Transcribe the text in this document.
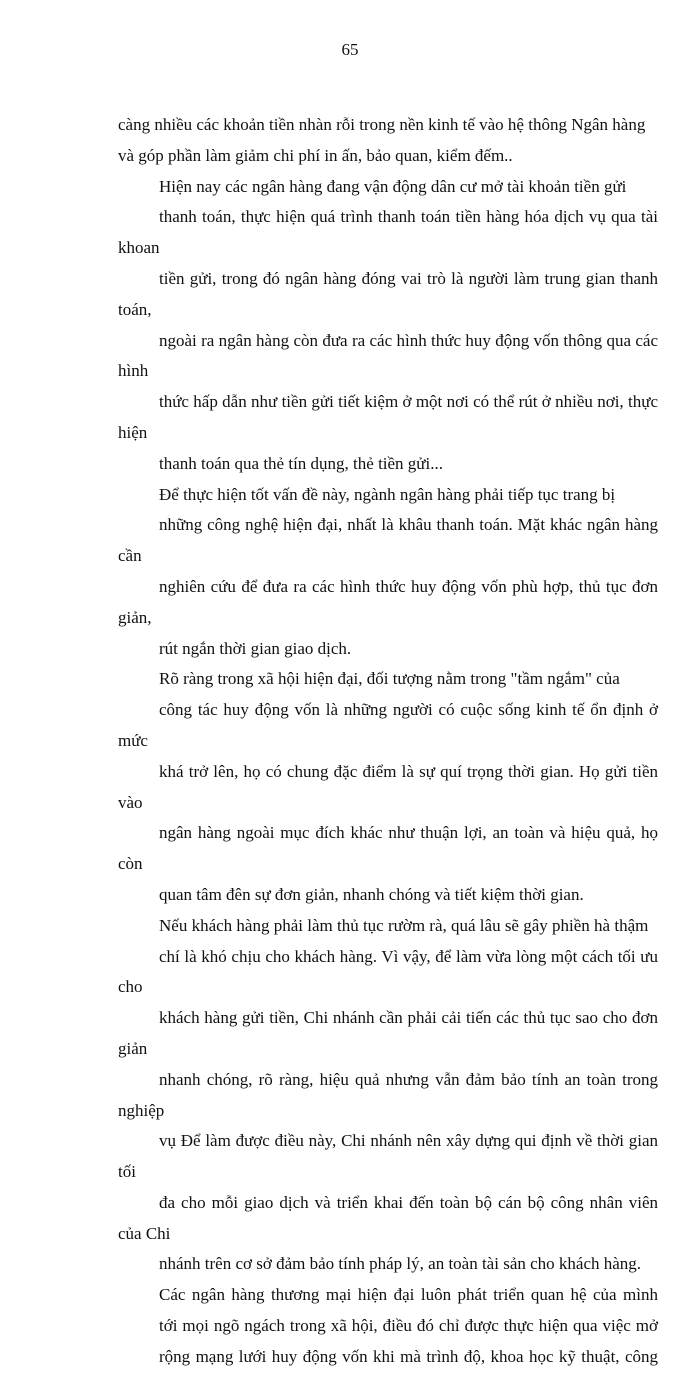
65

càng nhiều các khoản tiền nhàn rỗi trong nền kinh tế vào hệ thông Ngân hàng
và góp phần làm giảm chi phí in ấn, bảo quan, kiểm đếm..

Hiện nay các ngân hàng đang vận động dân cư mở tài khoản tiền gửi
thanh toán, thực hiện quá trình thanh toán tiền hàng hóa dịch vụ qua tài khoan
tiền gửi, trong đó ngân hàng đóng vai trò là người làm trung gian thanh toán,
ngoài ra ngân hàng còn đưa ra các hình thức huy động vốn thông qua các hình
thức hấp dẫn như tiền gửi tiết kiệm ở một nơi có thể rút ở nhiều nơi, thực hiện
thanh toán qua thẻ tín dụng, thẻ tiền gửi...

Để thực hiện tốt vấn đề này, ngành ngân hàng phải tiếp tục trang bị
những công nghệ hiện đại, nhất là khâu thanh toán. Mặt khác ngân hàng cần
nghiên cứu để đưa ra các hình thức huy động vốn phù hợp, thủ tục đơn giản,
rút ngắn thời gian giao dịch.

Rõ ràng trong xã hội hiện đại, đối tượng nằm trong "tầm ngắm" của
công tác huy động vốn là những người có cuộc sống kinh tế ổn định ở mức
khá trở lên, họ có chung đặc điểm là sự quí trọng thời gian. Họ gửi tiền vào
ngân hàng ngoài mục đích khác như thuận lợi, an toàn và hiệu quả, họ còn
quan tâm đên sự đơn giản, nhanh chóng và tiết kiệm thời gian.

Nếu khách hàng phải làm thủ tục rườm rà, quá lâu sẽ gây phiền hà thậm
chí là khó chịu cho khách hàng. Vì vậy, để làm vừa lòng một cách tối ưu cho
khách hàng gửi tiền, Chi nhánh cần phải cải tiến các thủ tục sao cho đơn giản
nhanh chóng, rõ ràng, hiệu quả nhưng vẫn đảm bảo tính an toàn trong nghiệp
vụ Để làm được điều này, Chi nhánh nên xây dựng qui định về thời gian tối
đa cho mỗi giao dịch và triển khai đến toàn bộ cán bộ công nhân viên của Chi
nhánh trên cơ sở đảm bảo tính pháp lý, an toàn tài sản cho khách hàng.

Các ngân hàng thương mại hiện đại luôn phát triển quan hệ của mình
tới mọi ngõ ngách trong xã hội, điều đó chỉ được thực hiện qua việc mở
rộng mạng lưới huy động vốn khi mà trình độ, khoa học kỹ thuật, công
